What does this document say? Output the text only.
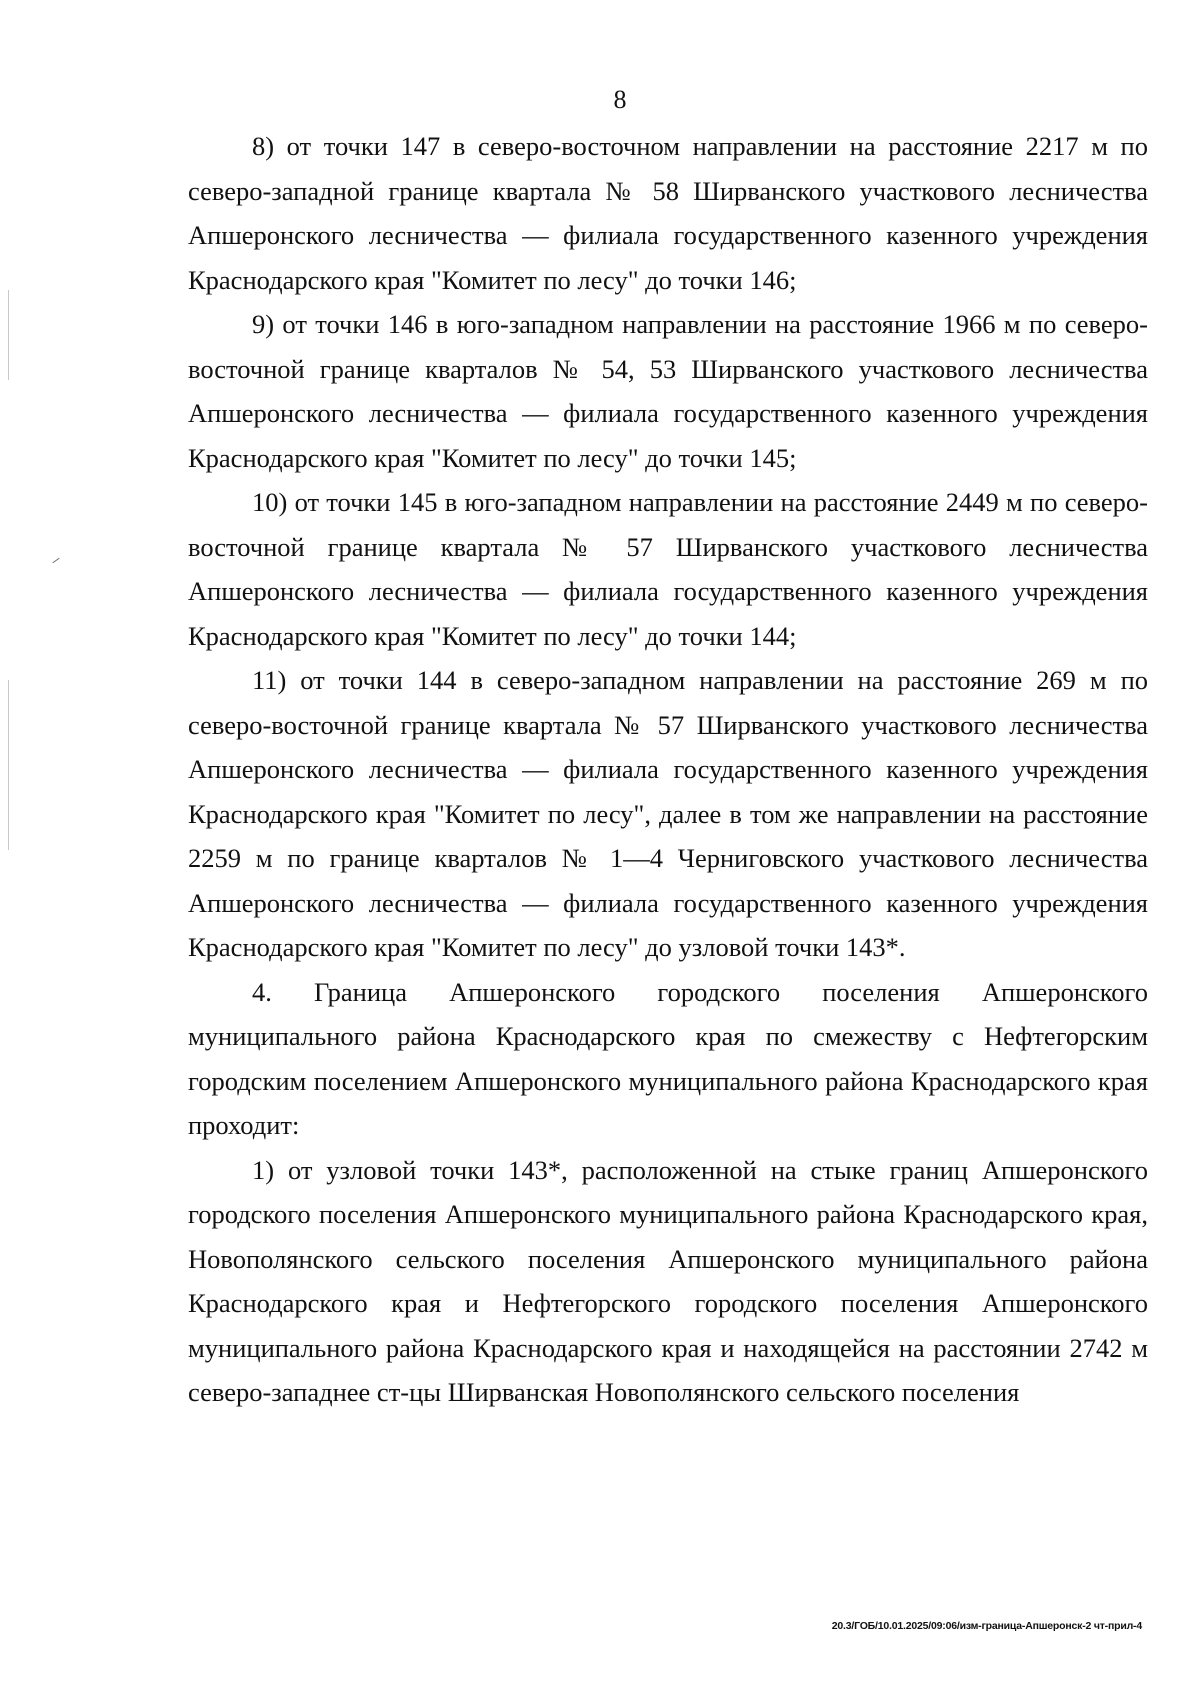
8

8) от точки 147 в северо-восточном направлении на расстояние 2217 м по северо-западной границе квартала № 58 Ширванского участкового лесничества Апшеронского лесничества — филиала государственного казенного учреждения Краснодарского края "Комитет по лесу" до точки 146;

9) от точки 146 в юго-западном направлении на расстояние 1966 м по северо-восточной границе кварталов № 54, 53 Ширванского участкового лесничества Апшеронского лесничества — филиала государственного казенного учреждения Краснодарского края "Комитет по лесу" до точки 145;

10) от точки 145 в юго-западном направлении на расстояние 2449 м по северо-восточной границе квартала № 57 Ширванского участкового лесничества Апшеронского лесничества — филиала государственного казенного учреждения Краснодарского края "Комитет по лесу" до точки 144;

11) от точки 144 в северо-западном направлении на расстояние 269 м по северо-восточной границе квартала № 57 Ширванского участкового лесничества Апшеронского лесничества — филиала государственного казенного учреждения Краснодарского края "Комитет по лесу", далее в том же направлении на расстояние 2259 м по границе кварталов № 1—4 Черниговского участкового лесничества Апшеронского лесничества — филиала государственного казенного учреждения Краснодарского края "Комитет по лесу" до узловой точки 143*.

4. Граница Апшеронского городского поселения Апшеронского муниципального района Краснодарского края по смежеству с Нефтегорским городским поселением Апшеронского муниципального района Краснодарского края проходит:

1) от узловой точки 143*, расположенной на стыке границ Апшеронского городского поселения Апшеронского муниципального района Краснодарского края, Новополянского сельского поселения Апшеронского муниципального района Краснодарского края и Нефтегорского городского поселения Апшеронского муниципального района Краснодарского края и находящейся на расстоянии 2742 м северо-западнее ст-цы Ширванская Новополянского сельского поселения

20.3/ГОБ/10.01.2025/09:06/изм-граница-Апшеронск-2 чт-прил-4
